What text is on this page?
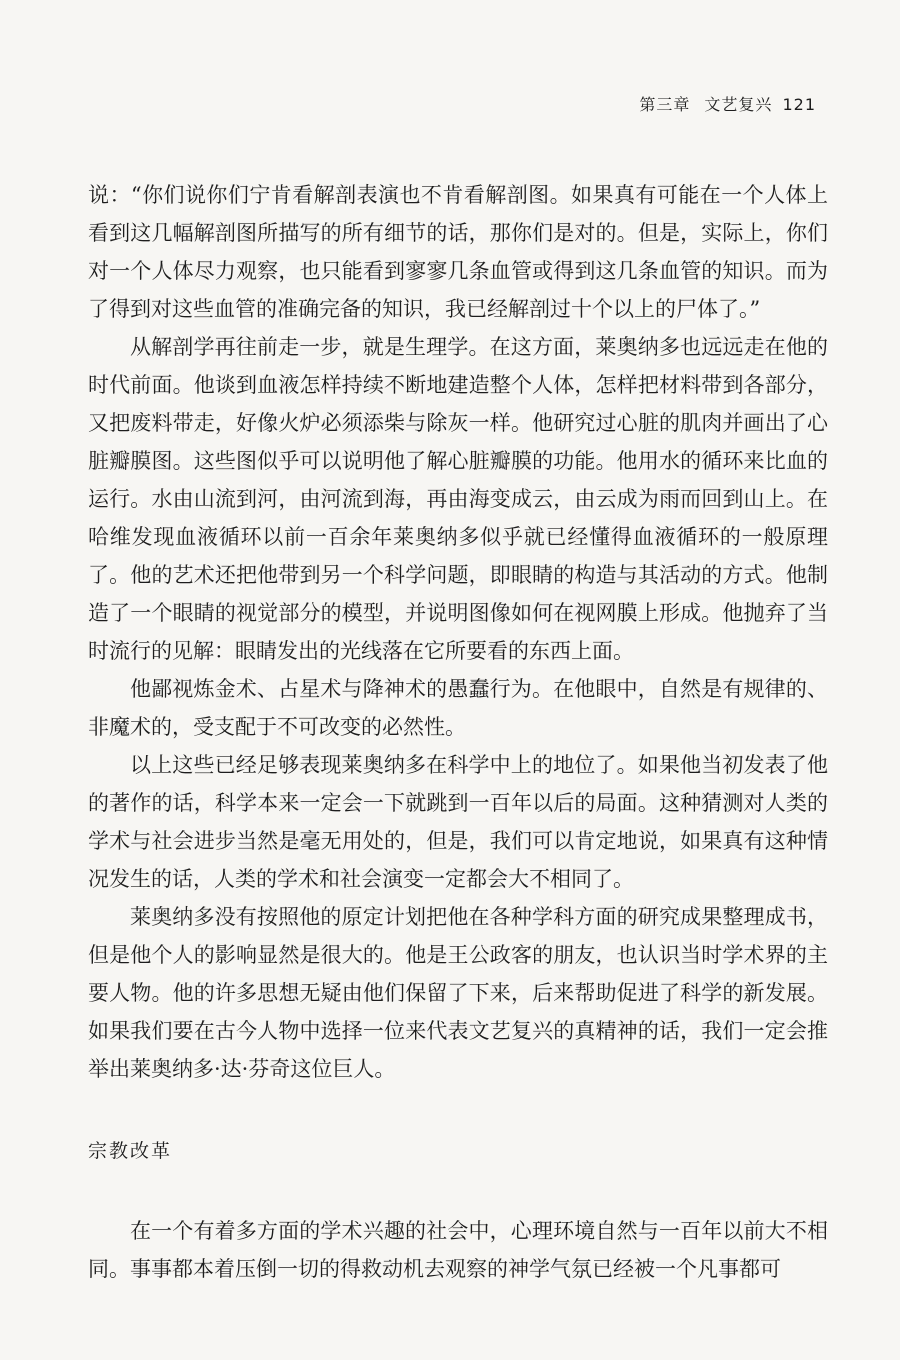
第三章 文艺复兴 121

说：“你们说你们宁肯看解剖表演也不肯看解剖图。如果真有可能在一个人体上看到这几幅解剖图所描写的所有细节的话，那你们是对的。但是，实际上，你们对一个人体尽力观察，也只能看到寥寥几条血管或得到这几条血管的知识。而为了得到对这些血管的准确完备的知识，我已经解剖过十个以上的尸体了。”

从解剖学再往前走一步，就是生理学。在这方面，莱奥纳多也远远走在他的时代前面。他谈到血液怎样持续不断地建造整个人体，怎样把材料带到各部分，又把废料带走，好像火炉必须添柴与除灰一样。他研究过心脏的肌肉并画出了心脏瓣膜图。这些图似乎可以说明他了解心脏瓣膜的功能。他用水的循环来比血的运行。水由山流到河，由河流到海，再由海变成云，由云成为雨而回到山上。在哈维发现血液循环以前一百余年莱奥纳多似乎就已经懂得血液循环的一般原理了。他的艺术还把他带到另一个科学问题，即眼睛的构造与其活动的方式。他制造了一个眼睛的视觉部分的模型，并说明图像如何在视网膜上形成。他抛弃了当时流行的见解：眼睛发出的光线落在它所要看的东西上面。

他鄙视炼金术、占星术与降神术的愚蠢行为。在他眼中，自然是有规律的、非魔术的，受支配于不可改变的必然性。

以上这些已经足够表现莱奥纳多在科学中上的地位了。如果他当初发表了他的著作的话，科学本来一定会一下就跳到一百年以后的局面。这种猜测对人类的学术与社会进步当然是毫无用处的，但是，我们可以肯定地说，如果真有这种情况发生的话，人类的学术和社会演变一定都会大不相同了。

莱奥纳多没有按照他的原定计划把他在各种学科方面的研究成果整理成书，但是他个人的影响显然是很大的。他是王公政客的朋友，也认识当时学术界的主要人物。他的许多思想无疑由他们保留了下来，后来帮助促进了科学的新发展。如果我们要在古今人物中选择一位来代表文艺复兴的真精神的话，我们一定会推举出莱奥纳多·达·芬奇这位巨人。

宗教改革

在一个有着多方面的学术兴趣的社会中，心理环境自然与一百年以前大不相同。事事都本着压倒一切的得救动机去观察的神学气氛已经被一个凡事都可
